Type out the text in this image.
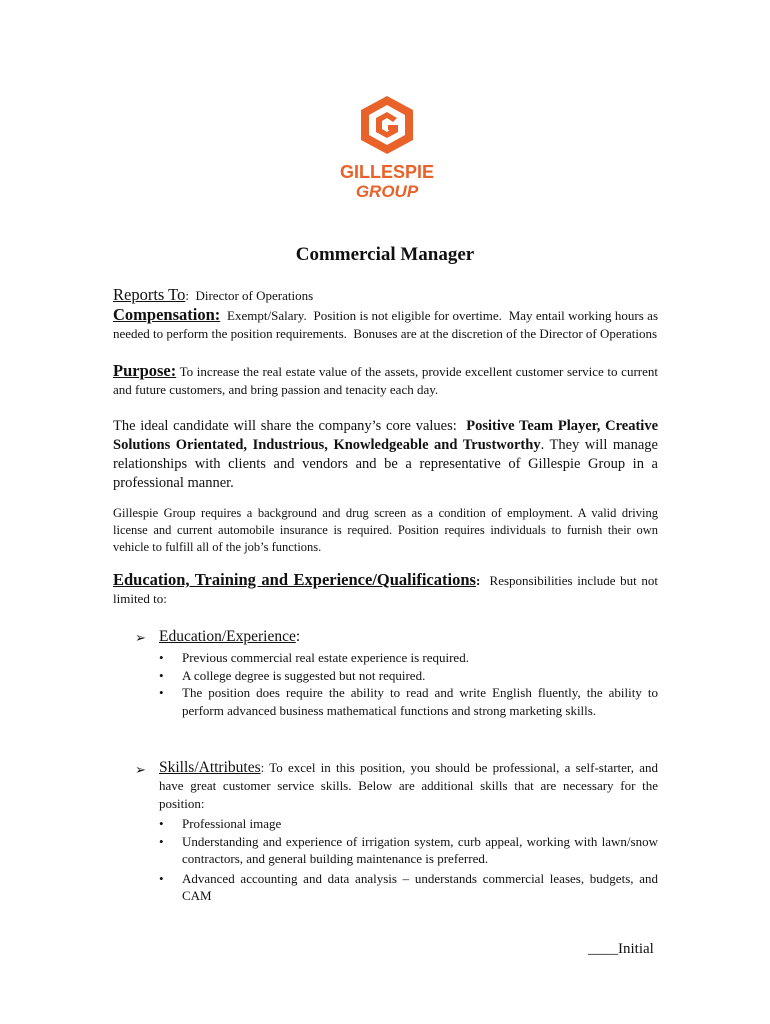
GILLESPIE
GROUP
Commercial Manager

Reports To:  Director of Operations

Compensation:  Exempt/Salary.  Position is not eligible for overtime.  May entail working hours as needed to perform the position requirements.  Bonuses are at the discretion of the Director of Operations

Purpose: To increase the real estate value of the assets, provide excellent customer service to current and future customers, and bring passion and tenacity each day.

The ideal candidate will share the company’s core values:  Positive Team Player, Creative Solutions Orientated, Industrious, Knowledgeable and Trustworthy. They will manage relationships with clients and vendors and be a representative of Gillespie Group in a professional manner.

Gillespie Group requires a background and drug screen as a condition of employment. A valid driving license and current automobile insurance is required. Position requires individuals to furnish their own vehicle to fulfill all of the job’s functions.

Education, Training and Experience/Qualifications:  Responsibilities include but not limited to:

➢ Education/Experience:
• Previous commercial real estate experience is required.
• A college degree is suggested but not required.
• The position does require the ability to read and write English fluently, the ability to perform advanced business mathematical functions and strong marketing skills.
➢ Skills/Attributes: To excel in this position, you should be professional, a self-starter, and have great customer service skills. Below are additional skills that are necessary for the position:

• Professional image
• Understanding and experience of irrigation system, curb appeal, working with lawn/snow contractors, and general building maintenance is preferred.
• Advanced accounting and data analysis – understands commercial leases, budgets, and CAM
____Initial
